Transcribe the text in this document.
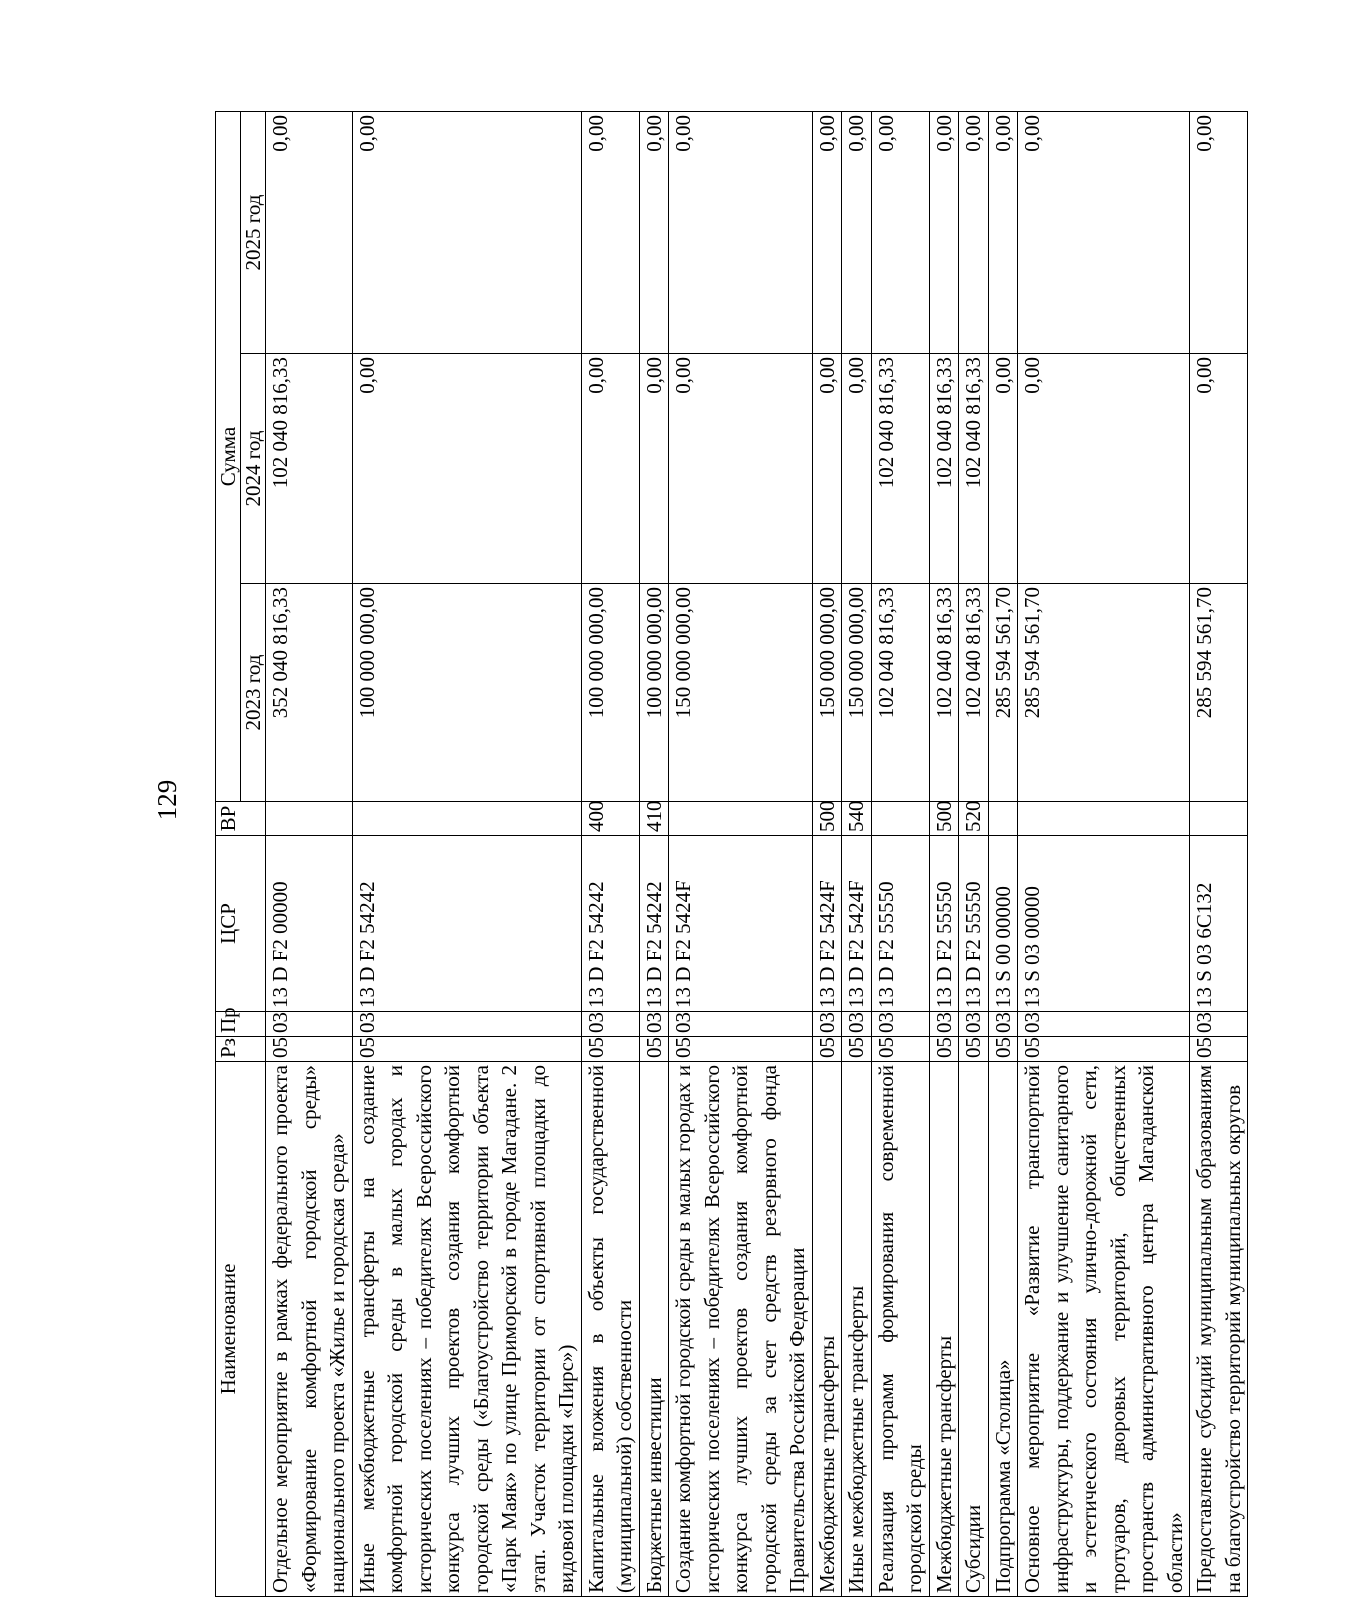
129
Наименование	Рз	Пр	ЦСР	ВР	Сумма		
					2023 год	2024 год	2025 год
Отдельное мероприятие в рамках федерального проекта «Формирование комфортной городской среды» национального проекта «Жилье и городская среда»	05	03	13 D F2 00000		352 040 816,33	102 040 816,33	0,00
Иные межбюджетные трансферты на создание комфортной городской среды в малых городах и исторических поселениях – победителях Всероссийского конкурса лучших проектов создания комфортной городской среды («Благоустройство территории объекта «Парк Маяк» по улице Приморской в городе Магадане. 2 этап. Участок территории от спортивной площадки до видовой площадки «Пирс»)	05	03	13 D F2 54242		100 000 000,00	0,00	0,00
Капитальные вложения в объекты государственной (муниципальной) собственности	05	03	13 D F2 54242	400	100 000 000,00	0,00	0,00
Бюджетные инвестиции	05	03	13 D F2 54242	410	100 000 000,00	0,00	0,00
Создание комфортной городской среды в малых городах и исторических поселениях – победителях Всероссийского конкурса лучших проектов создания комфортной городской среды за счет средств резервного фонда Правительства Российской Федерации	05	03	13 D F2 5424F		150 000 000,00	0,00	0,00
Межбюджетные трансферты	05	03	13 D F2 5424F	500	150 000 000,00	0,00	0,00
Иные межбюджетные трансферты	05	03	13 D F2 5424F	540	150 000 000,00	0,00	0,00
Реализация программ формирования современной городской среды	05	03	13 D F2 55550		102 040 816,33	102 040 816,33	0,00
Межбюджетные трансферты	05	03	13 D F2 55550	500	102 040 816,33	102 040 816,33	0,00
Субсидии	05	03	13 D F2 55550	520	102 040 816,33	102 040 816,33	0,00
Подпрограмма «Столица»	05	03	13 S 00 00000		285 594 561,70	0,00	0,00
Основное мероприятие «Развитие транспортной инфраструктуры, поддержание и улучшение санитарного и эстетического состояния улично-дорожной сети, тротуаров, дворовых территорий, общественных пространств административного центра Магаданской области»	05	03	13 S 03 00000		285 594 561,70	0,00	0,00
Предоставление субсидий муниципальным образованиям на благоустройство территорий муниципальных округов	05	03	13 S 03 6С132		285 594 561,70	0,00	0,00
